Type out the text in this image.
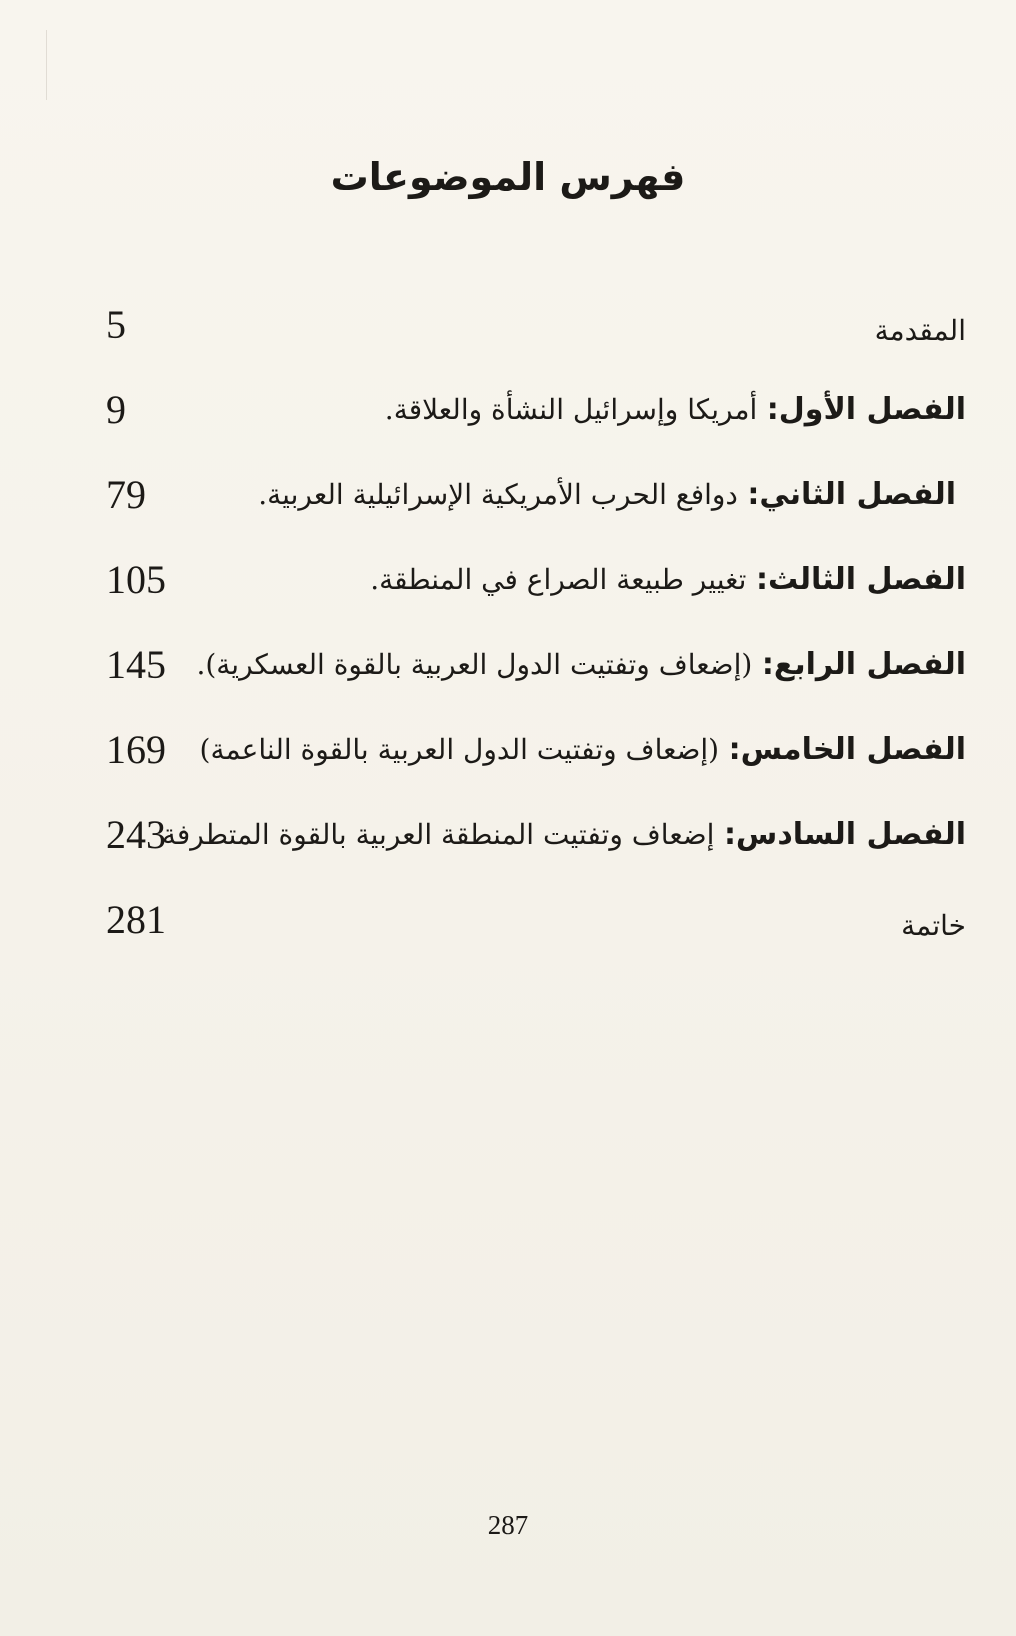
فهرس الموضوعات
المقدمة
5
الفصل الأول: أمريكا وإسرائيل النشأة والعلاقة.
9
الفصل الثاني: دوافع الحرب الأمريكية الإسرائيلية العربية.
79
الفصل الثالث: تغيير طبيعة الصراع في المنطقة.
105
الفصل الرابع: (إضعاف وتفتيت الدول العربية بالقوة العسكرية).
145
الفصل الخامس: (إضعاف وتفتيت الدول العربية بالقوة الناعمة)
169
الفصل السادس: إضعاف وتفتيت المنطقة العربية بالقوة المتطرفة
243
خاتمة
281
287
